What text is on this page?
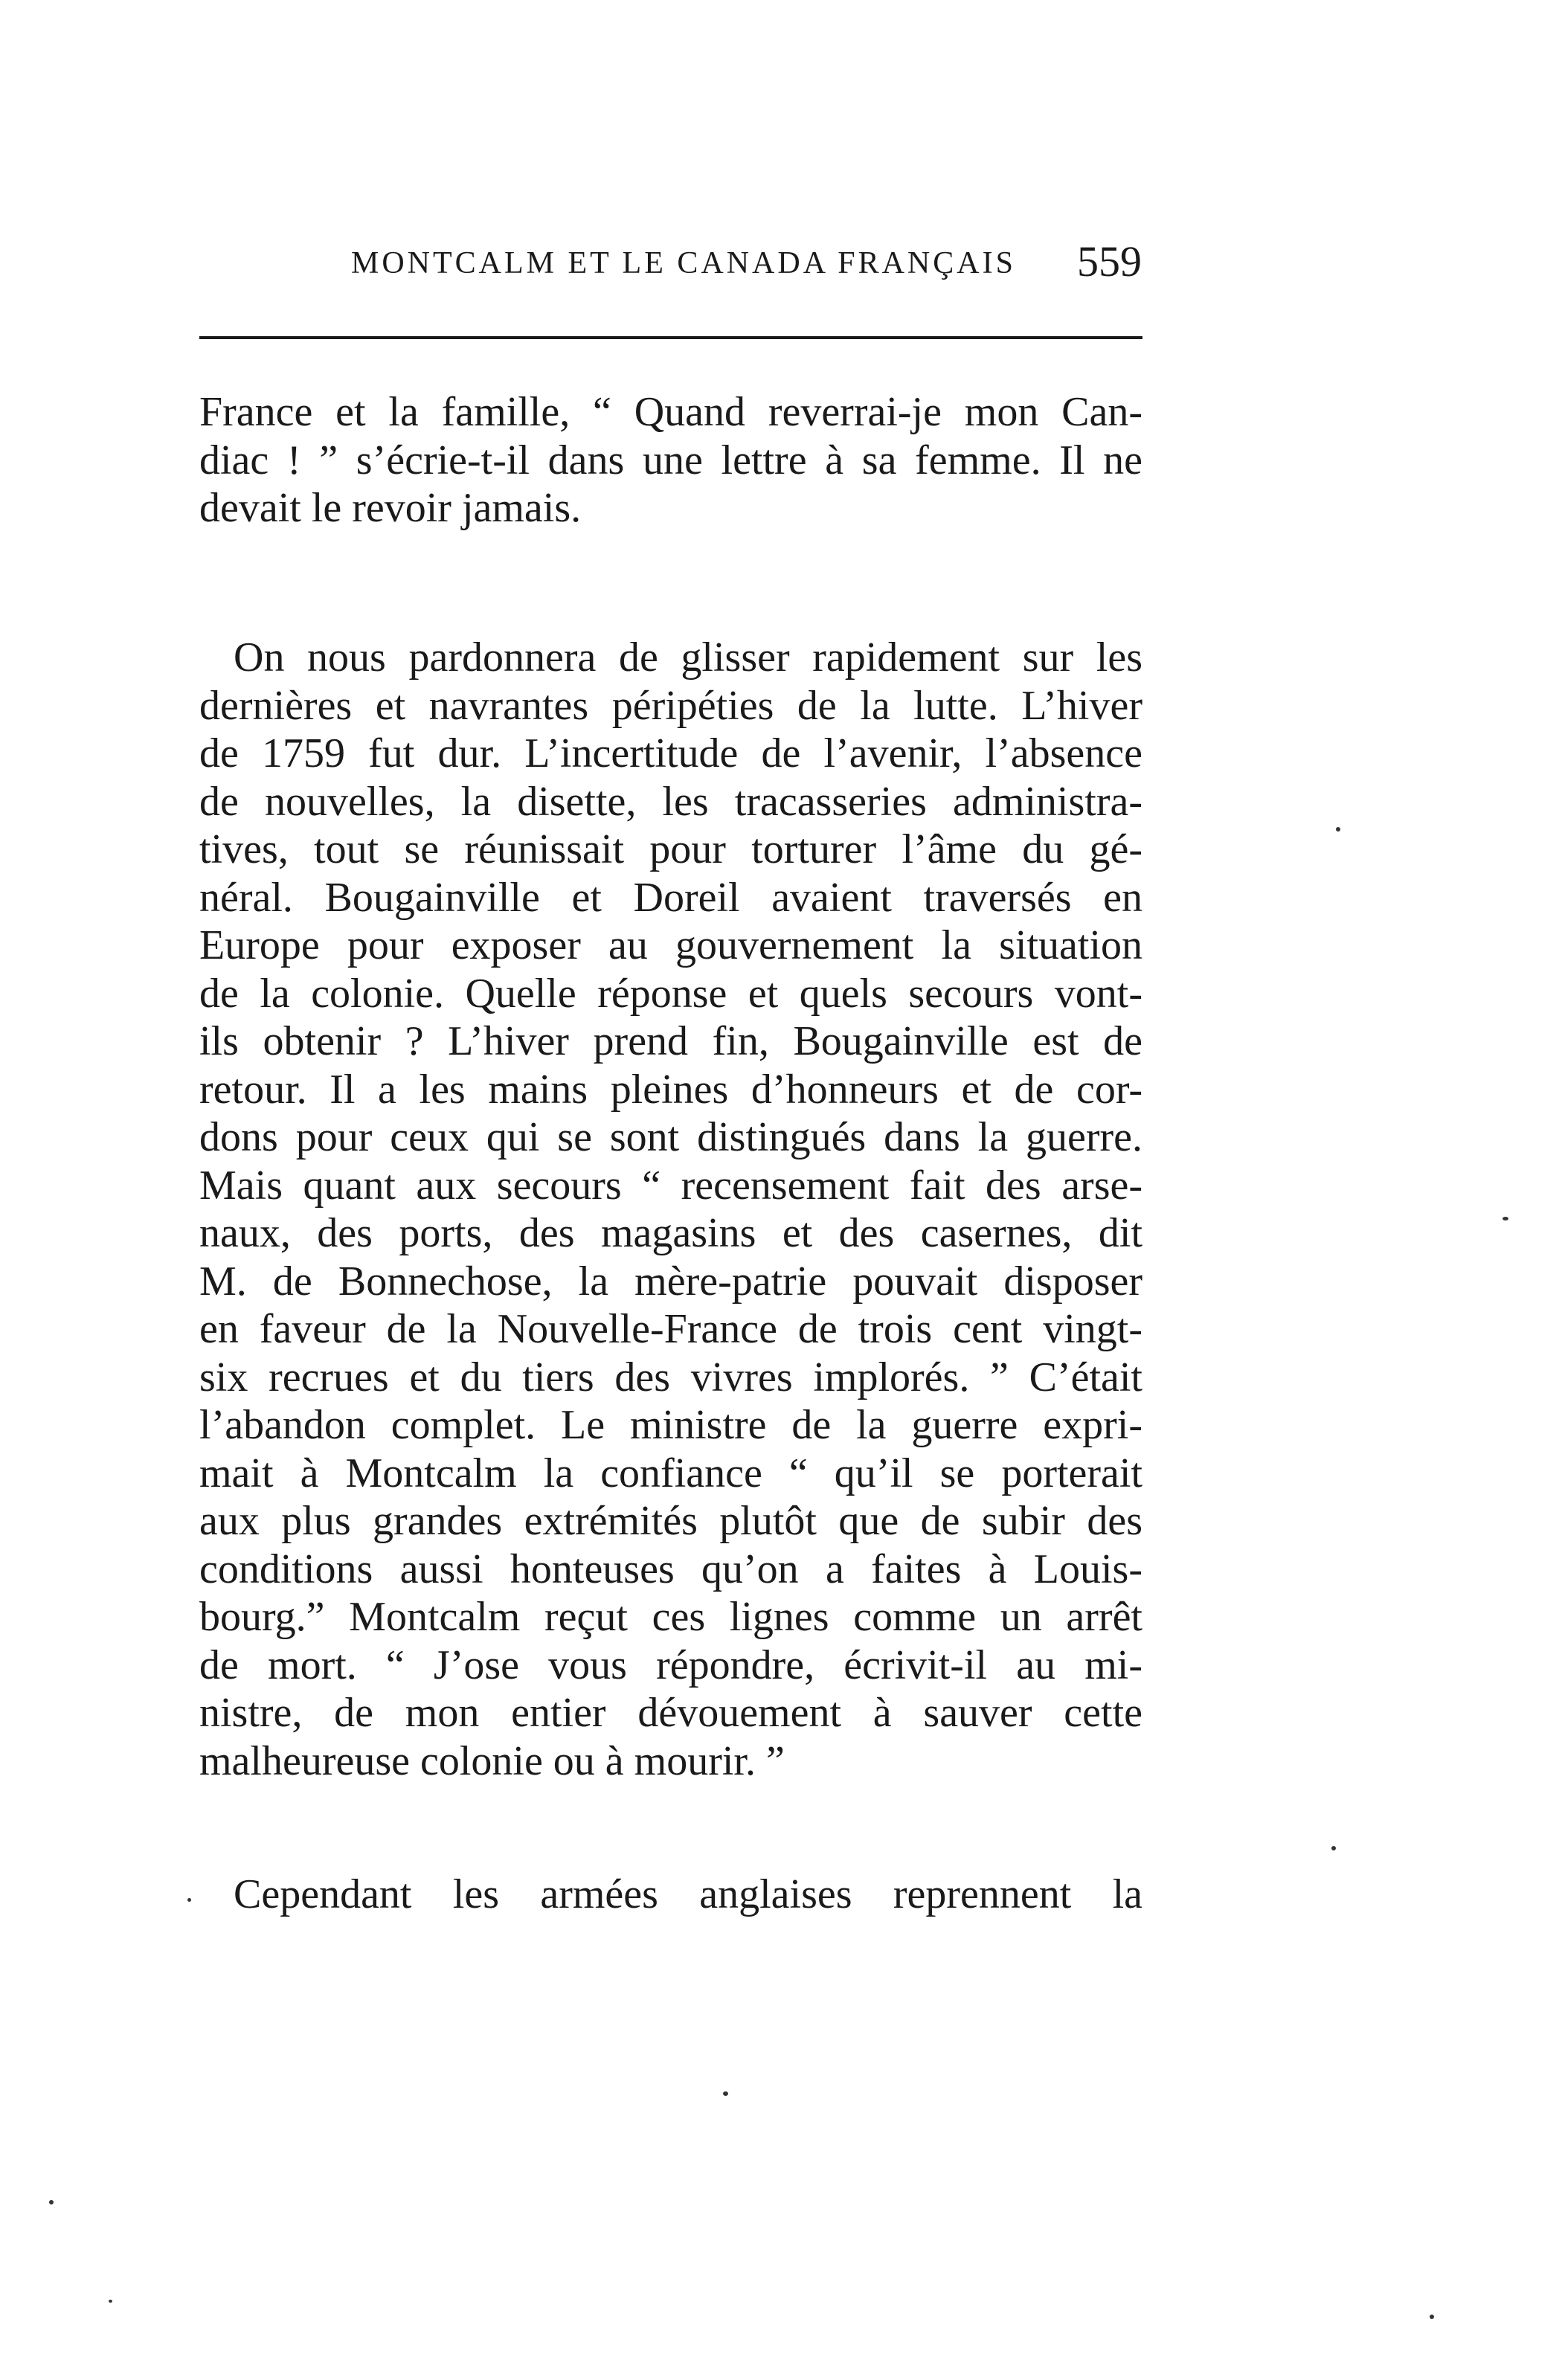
MONTCALM ET LE CANADA FRANÇAIS 559
France et la famille, “ Quand reverrai-je mon Can-
diac ! ” s’écrie-t-il dans une lettre à sa femme. Il ne
devait le revoir jamais.
On nous pardonnera de glisser rapidement sur les
dernières et navrantes péripéties de la lutte. L’hiver
de 1759 fut dur. L’incertitude de l’avenir, l’absence
de nouvelles, la disette, les tracasseries administra-
tives, tout se réunissait pour torturer l’âme du gé-
néral. Bougainville et Doreil avaient traversés en
Europe pour exposer au gouvernement la situation
de la colonie. Quelle réponse et quels secours vont-
ils obtenir ? L’hiver prend fin, Bougainville est de
retour. Il a les mains pleines d’honneurs et de cor-
dons pour ceux qui se sont distingués dans la guerre.
Mais quant aux secours “ recensement fait des arse-
naux, des ports, des magasins et des casernes, dit
M. de Bonnechose, la mère-patrie pouvait disposer
en faveur de la Nouvelle-France de trois cent vingt-
six recrues et du tiers des vivres implorés. ” C’était
l’abandon complet. Le ministre de la guerre expri-
mait à Montcalm la confiance “ qu’il se porterait
aux plus grandes extrémités plutôt que de subir des
conditions aussi honteuses qu’on a faites à Louis-
bourg.” Montcalm reçut ces lignes comme un arrêt
de mort. “ J’ose vous répondre, écrivit-il au mi-
nistre, de mon entier dévouement à sauver cette
malheureuse colonie ou à mourir. ”
Cependant les armées anglaises reprennent la
